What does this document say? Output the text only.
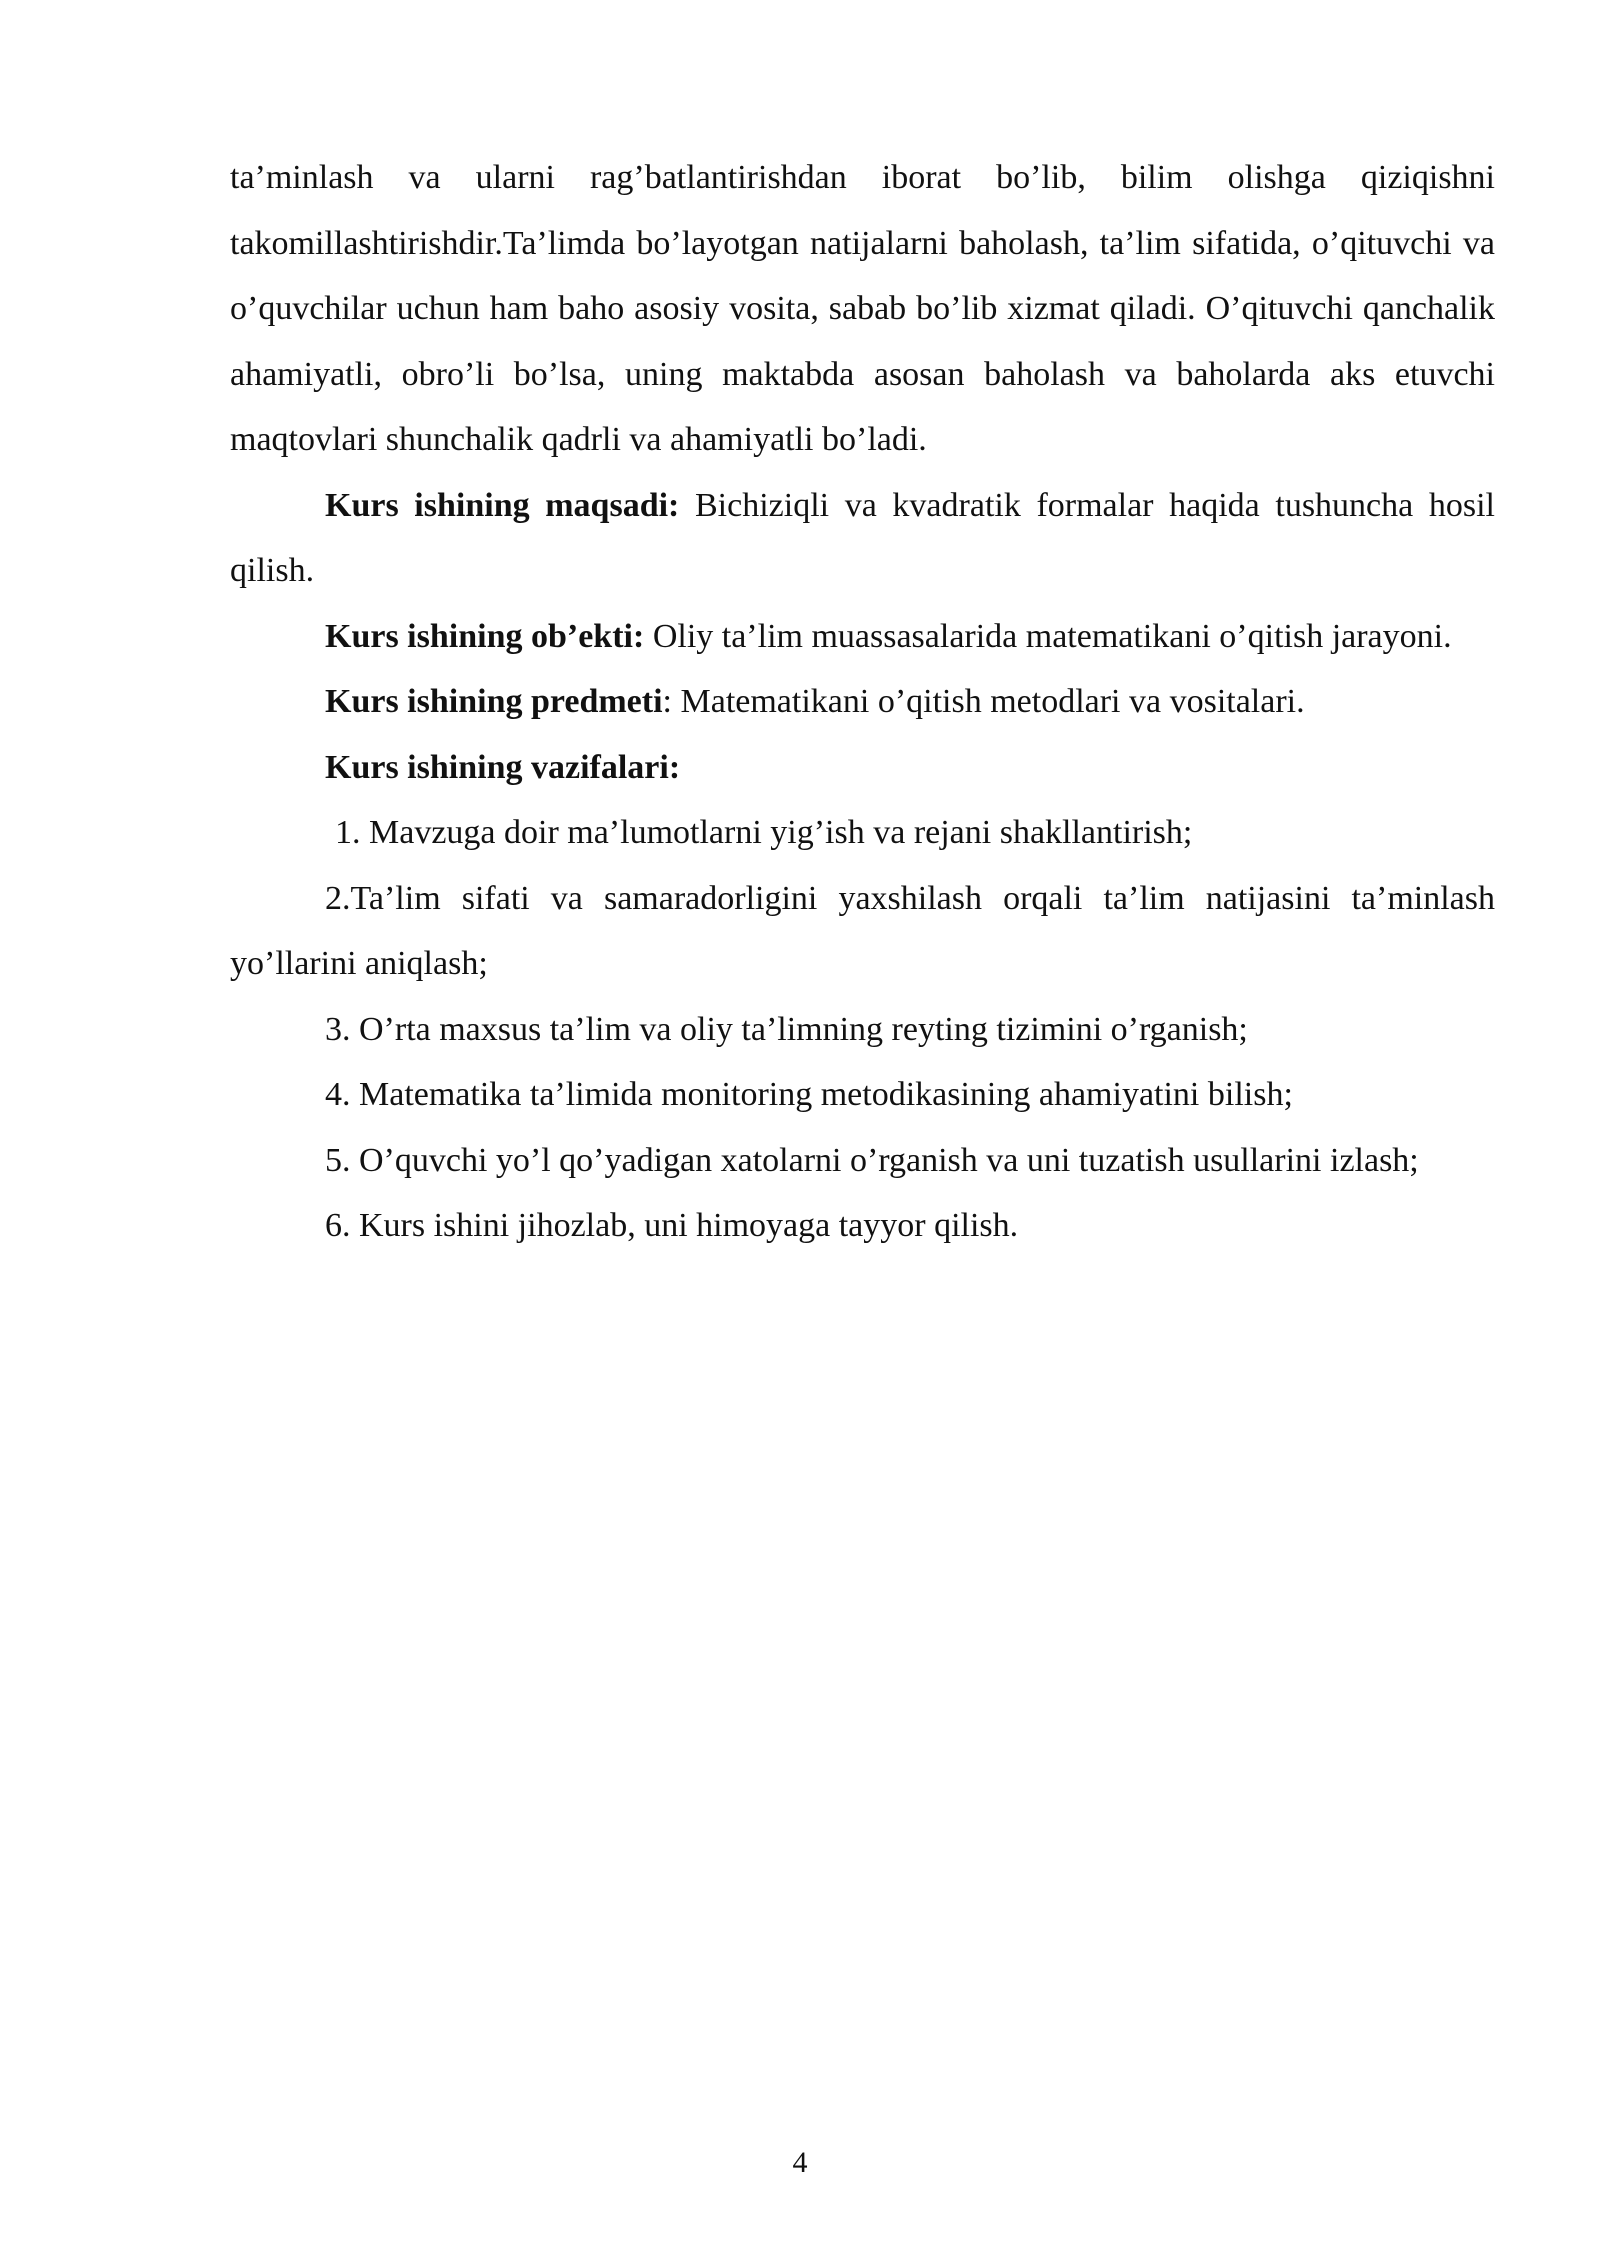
ta’minlash va ularni rag’batlantirishdan iborat bo’lib, bilim olishga qiziqishni takomillashtirishdir.Ta’limda bo’layotgan natijalarni baholash, ta’lim sifatida, o’qituvchi va o’quvchilar uchun ham baho asosiy vosita, sabab bo’lib xizmat qiladi. O’qituvchi qanchalik ahamiyatli, obro’li bo’lsa, uning maktabda asosan baholash va baholarda aks etuvchi maqtovlari shunchalik qadrli va ahamiyatli bo’ladi.

Kurs ishining maqsadi: Bichiziqli va kvadratik formalar haqida tushuncha hosil qilish.

Kurs ishining ob’ekti: Oliy ta’lim muassasalarida matematikani o’qitish jarayoni.

Kurs ishining predmeti: Matematikani o’qitish metodlari va vositalari.

Kurs ishining vazifalari:

1. Mavzuga doir ma’lumotlarni yig’ish va rejani shakllantirish;

2.Ta’lim sifati va samaradorligini yaxshilash orqali ta’lim natijasini ta’minlash yo’llarini aniqlash;

3. O’rta maxsus ta’lim va oliy ta’limning reyting tizimini o’rganish;

4. Matematika ta’limida monitoring metodikasining ahamiyatini bilish;

5. O’quvchi yo’l qo’yadigan xatolarni o’rganish va uni tuzatish usullarini izlash;

6. Kurs ishini jihozlab, uni himoyaga tayyor qilish.

4
